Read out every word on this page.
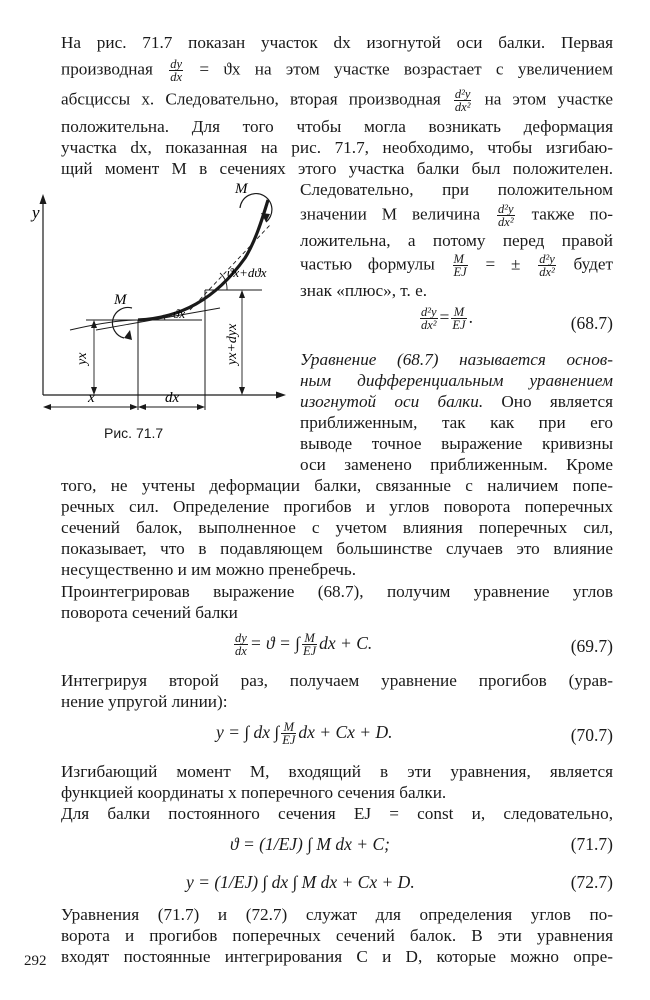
На рис. 71.7 показан участок dx изогнутой оси балки. Первая
производная $\frac{dy}{dx} = ϑx$ на этом участке возрастает с увеличением
абсциссы x. Следовательно, вторая производная $\frac{\text{d²y}}{\text{dx²}}$ на этом участке
положительна. Для того чтобы могла возникать деформация
участка dx, показанная на рис. 71.7, необходимо, чтобы изгибаю-
щий момент M в сечениях этого участка балки был положителен.
Следовательно, при положительном
значении M величина $\frac{\text{d²y}}{\text{dx²}}$ также по-
ложительна, а потому перед правой
частью формулы $\frac{M}{EJ}$ = ± $\frac{\text{d²y}}{\text{dx²}}$ будет
знак «плюс», т. е.
$\frac{\text{d²y}}{\text{dx²}} = \frac{M}{EJ}$ .	(68.7)
Уравнение (68.7) называется основ-
ным дифференциальным уравнением
изогнутой оси балки. Оно является
приближенным, так как при его
выводе точное выражение кривизны
оси заменено приближенным. Кроме
того, не учтены деформации балки, связанные с наличием попе-
речных сил. Определение прогибов и углов поворота поперечных
сечений балок, выполненное с учетом влияния поперечных сил,
показывает, что в подавляющем большинстве случаев это влияние
несущественно и им можно пренебречь.
Проинтегрировав выражение (68.7), получим уравнение углов
поворота сечений балки
$\frac{dy}{dx} = ϑ$ = ∫ $\frac{M}{EJ}$ dx + C.	(69.7)
Интегрируя второй раз, получаем уравнение прогибов (урав-
нение упругой линии):
y = ∫ dx ∫ $\frac{M}{EJ}$ dx + Cx + D.	(70.7)
Изгибающий момент M, входящий в эти уравнения, является
функцией координаты x поперечного сечения балки.
Для балки постоянного сечения EJ = const и, следовательно,
ϑ = (1/EJ) ∫ M dx + C;	(71.7)
y = (1/EJ) ∫ dx ∫ M dx + Cx + D.	(72.7)
Уравнения (71.7) и (72.7) служат для определения углов по-
ворота и прогибов поперечных сечений балок. В эти уравнения
входят постоянные интегрирования C и D, которые можно опре-
y
yx	yx+dyx
x	dx
ϑx
ϑx+dϑx
M
M
Рис. 71.7
292
